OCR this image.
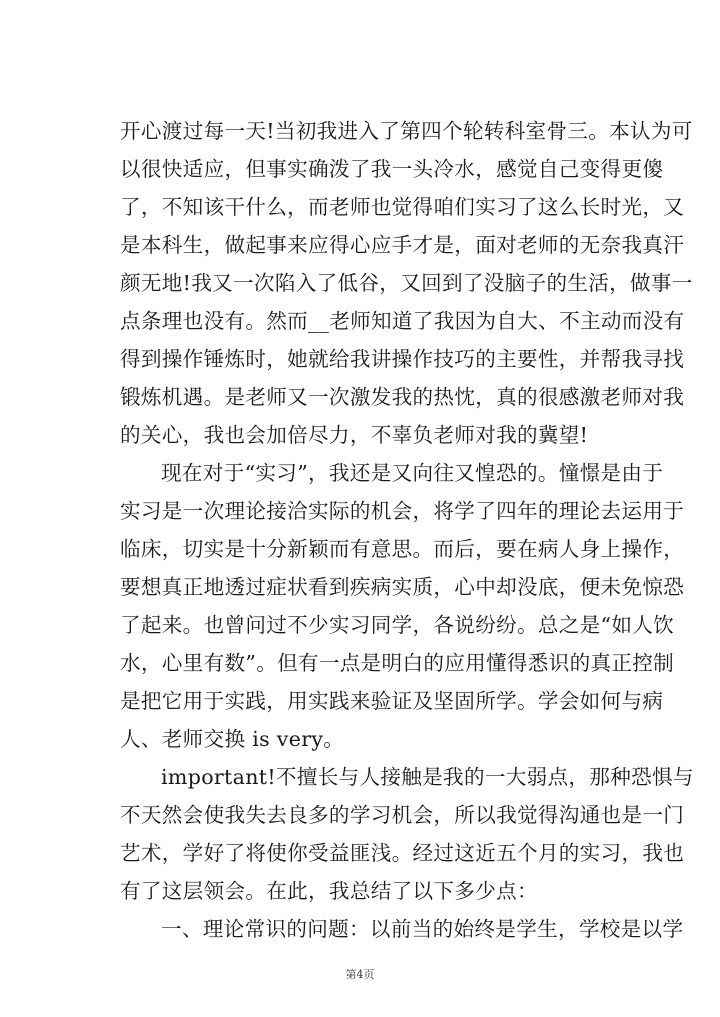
开心渡过每一天!当初我进入了第四个轮转科室骨三。本认为可
以很快适应，但事实确泼了我一头冷水，感觉自己变得更傻
了，不知该干什么，而老师也觉得咱们实习了这么长时光，又
是本科生，做起事来应得心应手才是，面对老师的无奈我真汗
颜无地!我又一次陷入了低谷，又回到了没脑子的生活，做事一
点条理也没有。然而__老师知道了我因为自大、不主动而没有
得到操作锤炼时，她就给我讲操作技巧的主要性，并帮我寻找
锻炼机遇。是老师又一次激发我的热忱，真的很感激老师对我
的关心，我也会加倍尽力，不辜负老师对我的冀望!
现在对于“实习”，我还是又向往又惶恐的。憧憬是由于
实习是一次理论接洽实际的机会，将学了四年的理论去运用于
临床，切实是十分新颖而有意思。而后，要在病人身上操作，
要想真正地透过症状看到疾病实质，心中却没底，便未免惊恐
了起来。也曾问过不少实习同学，各说纷纷。总之是“如人饮
水，心里有数”。但有一点是明白的应用懂得悉识的真正控制
是把它用于实践，用实践来验证及坚固所学。学会如何与病
人、老师交换 is very。
important!不擅长与人接触是我的一大弱点，那种恐惧与
不天然会使我失去良多的学习机会，所以我觉得沟通也是一门
艺术，学好了将使你受益匪浅。经过这近五个月的实习，我也
有了这层领会。在此，我总结了以下多少点：
一、理论常识的问题：以前当的始终是学生，学校是以学
第4页
